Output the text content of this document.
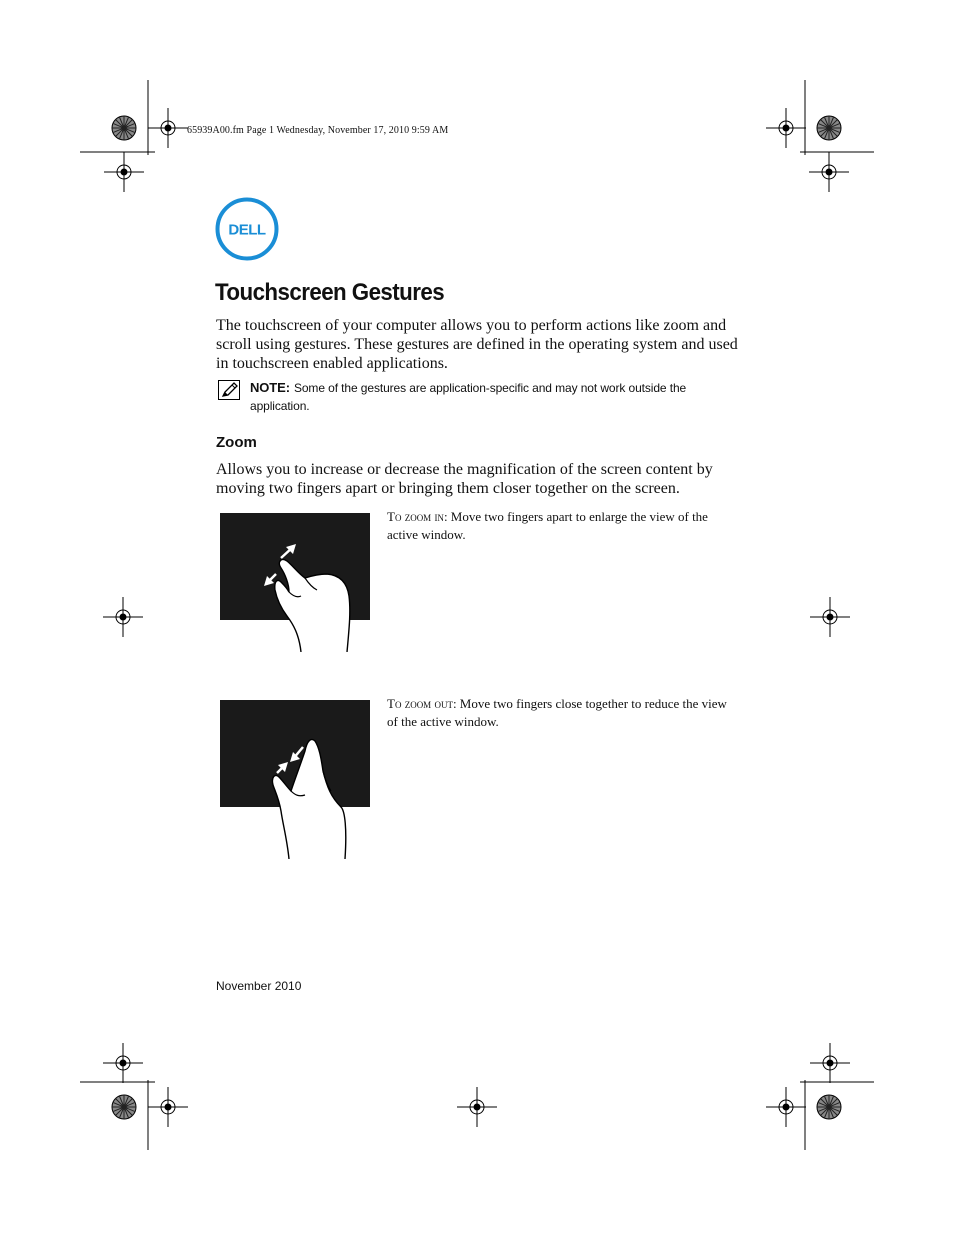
65939A00.fm Page 1 Wednesday, November 17, 2010 9:59 AM
DELL
Touchscreen Gestures

The touchscreen of your computer allows you to perform actions like zoom and scroll using gestures. These gestures are defined in the operating system and used in touchscreen enabled applications.

NOTE: Some of the gestures are application-specific and may not work outside the application.
Zoom

Allows you to increase or decrease the magnification of the screen content by moving two fingers apart or bringing them closer together on the screen.

To zoom in: Move two fingers apart to enlarge the view of the active window.

To zoom out: Move two fingers close together to reduce the view of the active window.

November 2010
